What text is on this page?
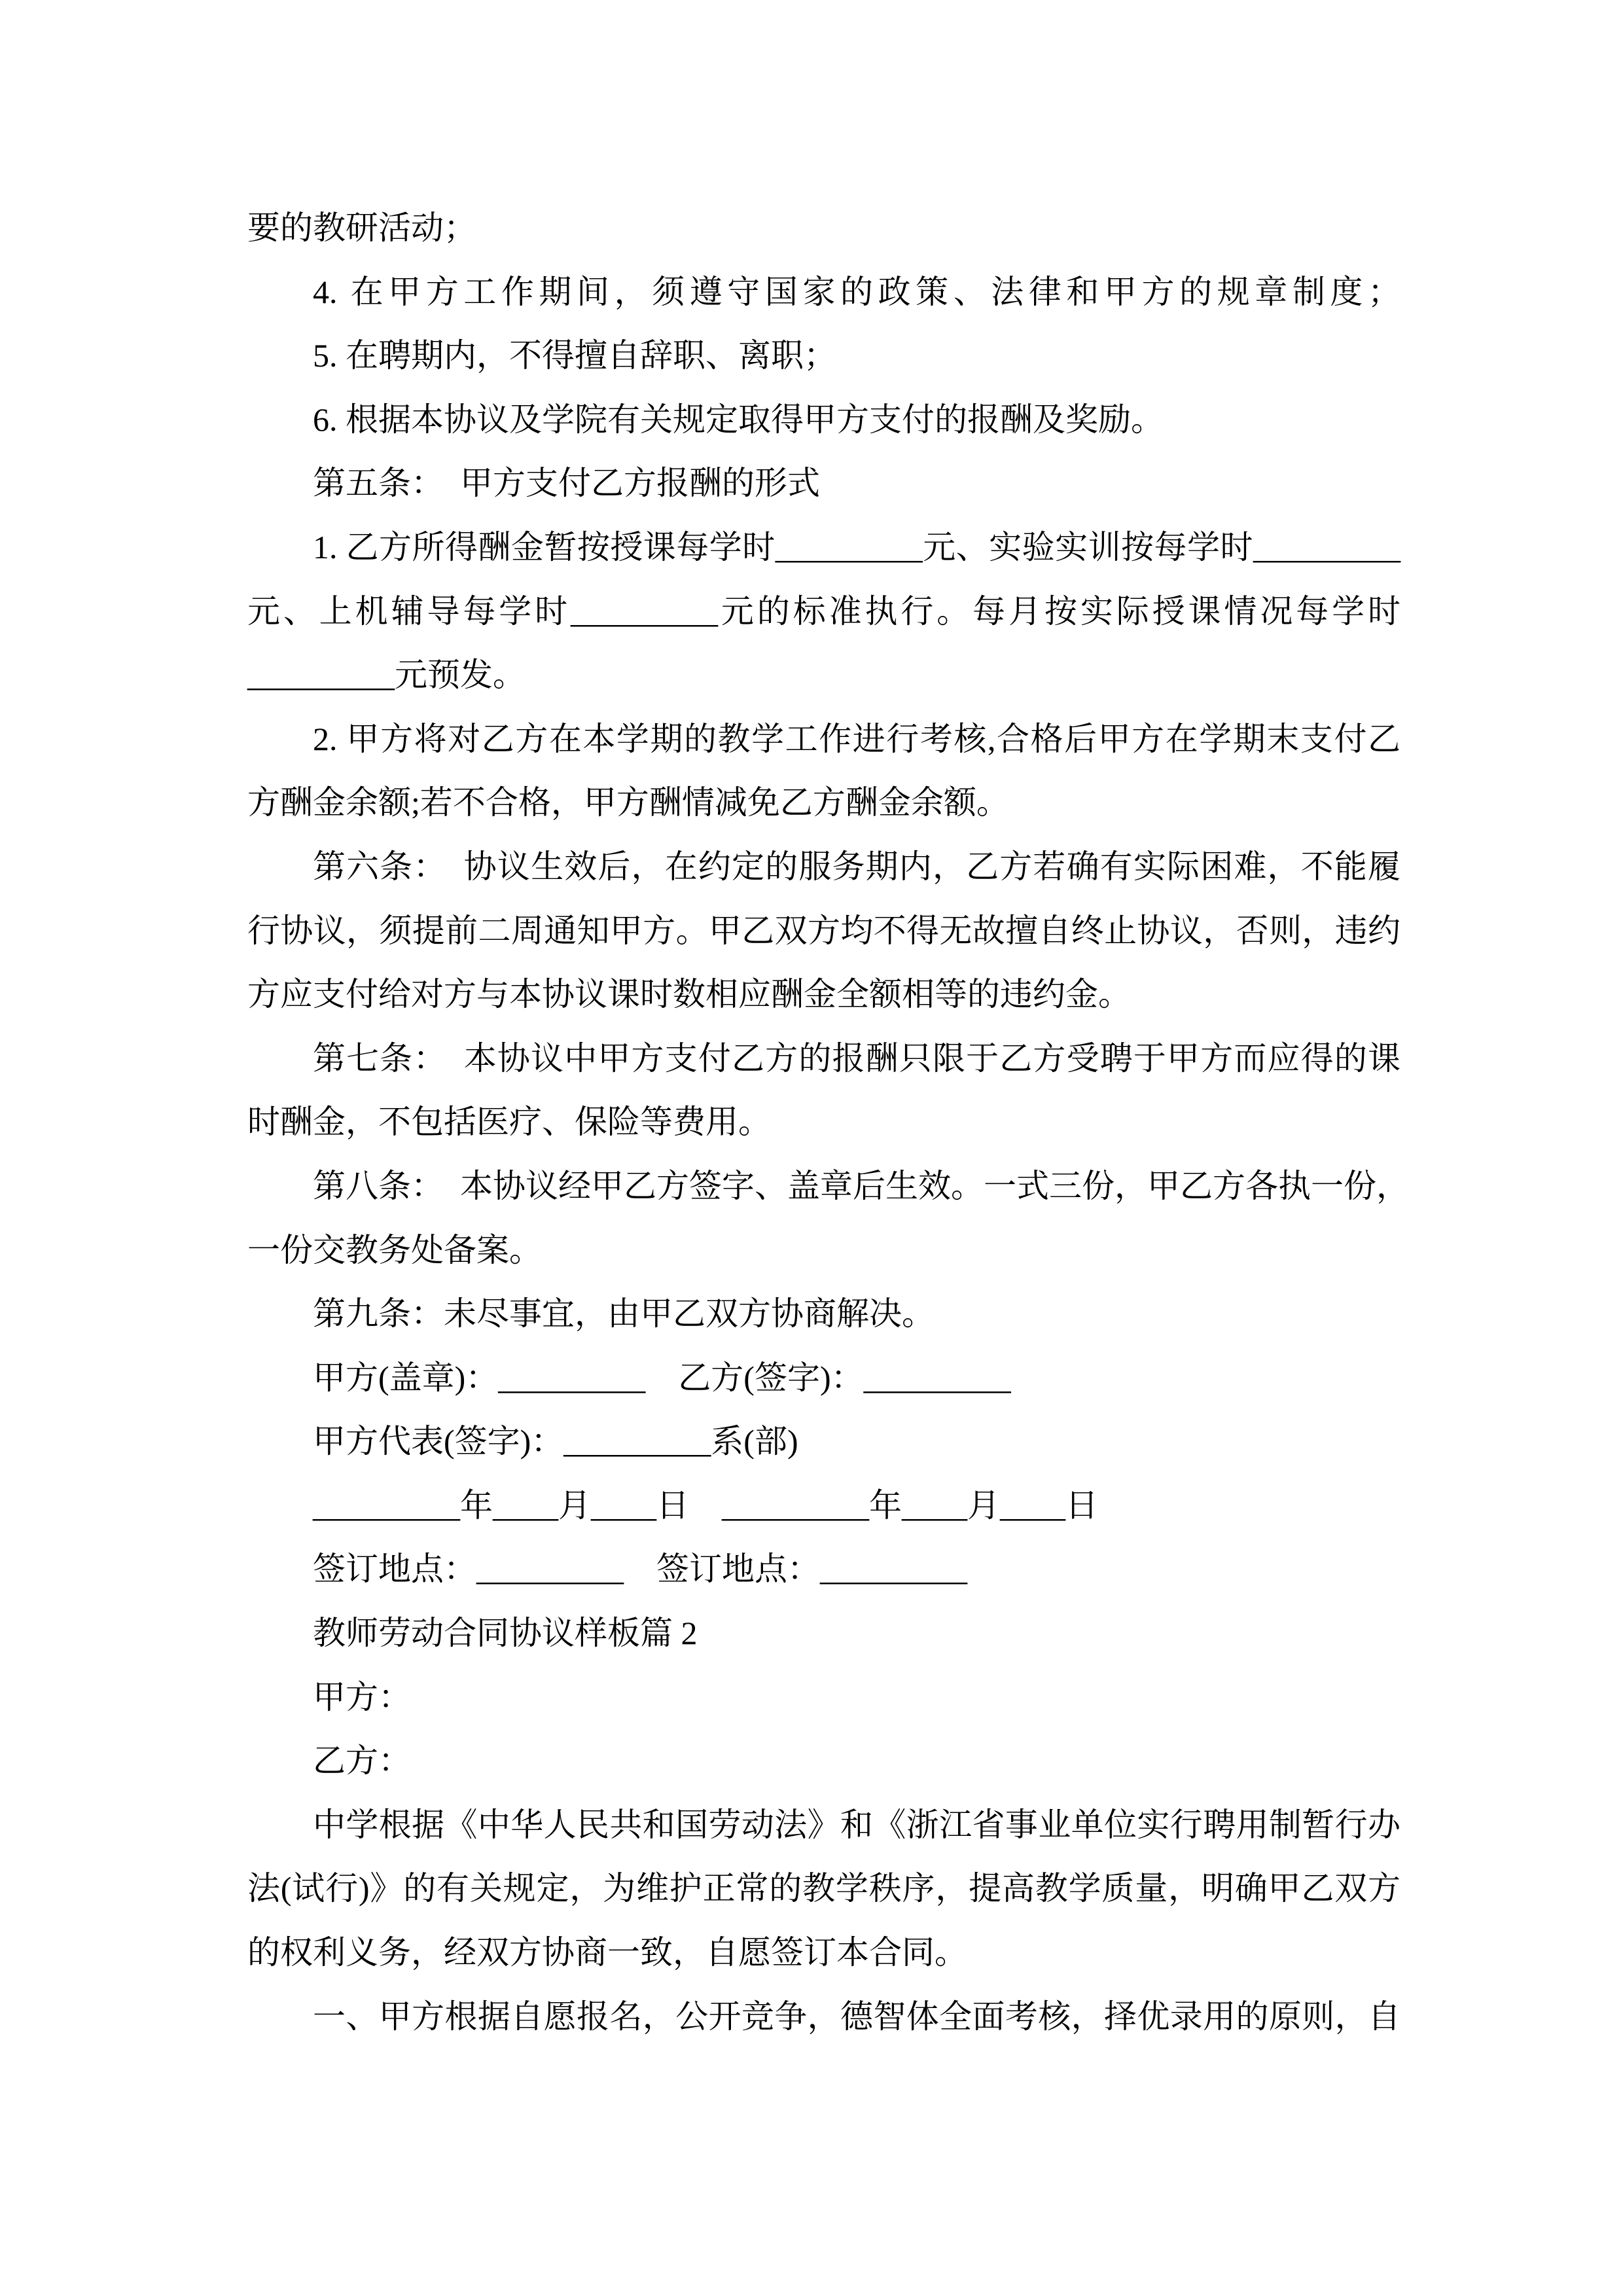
要的教研活动；
4. 在甲方工作期间，须遵守国家的政策、法律和甲方的规章制度；
5. 在聘期内，不得擅自辞职、离职；
6. 根据本协议及学院有关规定取得甲方支付的报酬及奖励。
第五条：　甲方支付乙方报酬的形式
1. 乙方所得酬金暂按授课每学时_________元、实验实训按每学时_________
元、上机辅导每学时_________元的标准执行。每月按实际授课情况每学时
_________元预发。
2. 甲方将对乙方在本学期的教学工作进行考核,合格后甲方在学期末支付乙
方酬金余额;若不合格，甲方酬情减免乙方酬金余额。
第六条：　协议生效后，在约定的服务期内，乙方若确有实际困难，不能履
行协议，须提前二周通知甲方。甲乙双方均不得无故擅自终止协议，否则，违约
方应支付给对方与本协议课时数相应酬金全额相等的违约金。
第七条：　本协议中甲方支付乙方的报酬只限于乙方受聘于甲方而应得的课
时酬金，不包括医疗、保险等费用。
第八条：　本协议经甲乙方签字、盖章后生效。一式三份，甲乙方各执一份，
一份交教务处备案。
第九条：未尽事宜，由甲乙双方协商解决。
甲方(盖章)：_________　乙方(签字)：_________
甲方代表(签字)：_________系(部)
_________年____月____日　_________年____月____日
签订地点：_________　签订地点：_________
教师劳动合同协议样板篇 2
甲方：
乙方：
中学根据《中华人民共和国劳动法》和《浙江省事业单位实行聘用制暂行办
法(试行)》的有关规定，为维护正常的教学秩序，提高教学质量，明确甲乙双方
的权利义务，经双方协商一致，自愿签订本合同。
一、甲方根据自愿报名，公开竞争，德智体全面考核，择优录用的原则，自
